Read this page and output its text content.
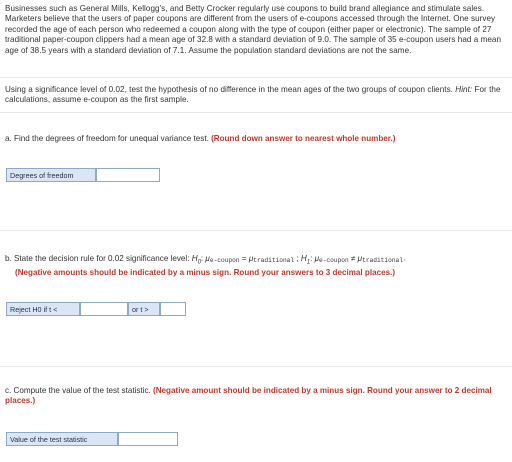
Businesses such as General Mills, Kellogg's, and Betty Crocker regularly use coupons to build brand allegiance and stimulate sales. Marketers believe that the users of paper coupons are different from the users of e-coupons accessed through the Internet. One survey recorded the age of each person who redeemed a coupon along with the type of coupon (either paper or electronic). The sample of 27 traditional paper-coupon clippers had a mean age of 32.8 with a standard deviation of 9.0. The sample of 35 e-coupon users had a mean age of 38.5 years with a standard deviation of 7.1. Assume the population standard deviations are not the same.
Using a significance level of 0.02, test the hypothesis of no difference in the mean ages of the two groups of coupon clients. Hint: For the calculations, assume e-coupon as the first sample.
a. Find the degrees of freedom for unequal variance test. (Round down answer to nearest whole number.)
Degrees of freedom
b. State the decision rule for 0.02 significance level: $H_0$: μe-coupon = μtraditional ; $H_1$: μe-coupon ≠ μtraditional·
(Negative amounts should be indicated by a minus sign. Round your answers to 3 decimal places.)
Reject H0 if t <	or t >
c. Compute the value of the test statistic. (Negative amount should be indicated by a minus sign. Round your answer to 2 decimal places.)
Value of the test statistic
